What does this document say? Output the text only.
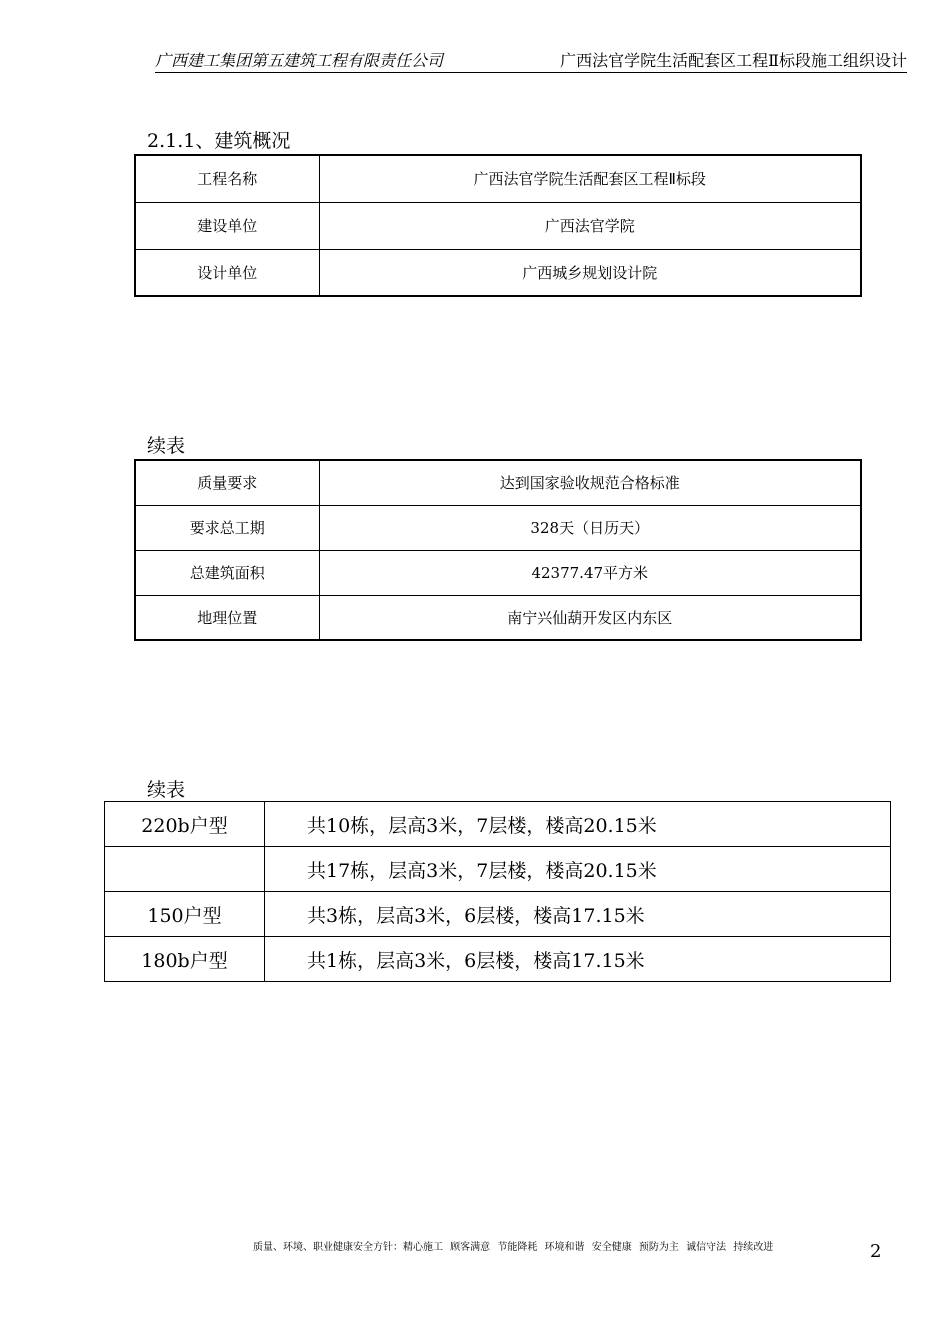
广西建工集团第五建筑工程有限责任公司	广西法官学院生活配套区工程Ⅱ标段施工组织设计
2.1.1、建筑概况
工程名称	广西法官学院生活配套区工程Ⅱ标段
建设单位	广西法官学院
设计单位	广西城乡规划设计院
续表
质量要求	达到国家验收规范合格标准
要求总工期	328天（日历天）
总建筑面积	42377.47平方米
地理位置	南宁兴仙葫开发区内东区
续表
220b户型	共10栋，层高3米，7层楼，楼高20.15米
	共17栋，层高3米，7层楼，楼高20.15米
150户型	共3栋，层高3米，6层楼，楼高17.15米
180b户型	共1栋，层高3米，6层楼，楼高17.15米
质量、环境、职业健康安全方针：精心施工 顾客满意 节能降耗 环境和谐 安全健康 预防为主 诚信守法 持续改进	2
